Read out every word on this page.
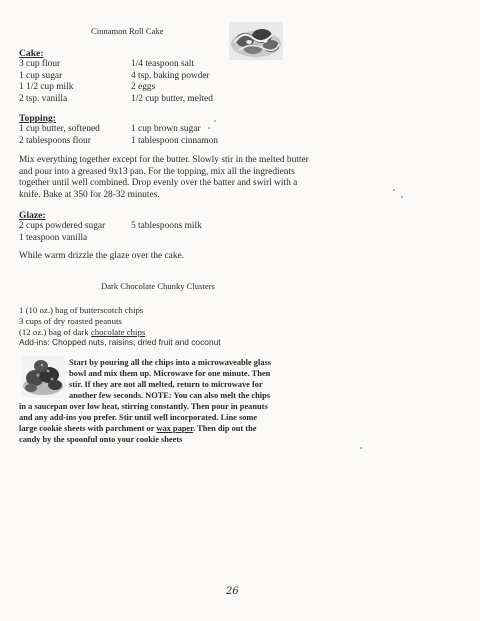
Cinnamon Roll Cake
Cake:
3 cup flour
1 cup sugar
1 1/2 cup milk
2 tsp. vanilla
1/4 teaspoon salt
4 tsp. baking powder
2 eggs
1/2 cup butter, melted
Topping:
1 cup butter, softened
2 tablespoons flour
1 cup brown sugar
1 tablespoon cinnamon
Mix everything together except for the butter. Slowly stir in the melted butter and pour into a greased 9x13 pan. For the topping, mix all the ingredients together until well combined. Drop evenly over the batter and swirl with a knife. Bake at 350 for 28-32 minutes.
Glaze:
2 cups powdered sugar
1 teaspoon vanilla
5 tablespoons milk
While warm drizzle the glaze over the cake.
Dark Chocolate Chunky Clusters
1 (10 oz.) bag of butterscotch chips
3 cups of dry roasted peanuts
(12 oz.) bag of dark chocolate chips
Add-ins: Chopped nuts, raisins, dried fruit and coconut
Start by pouring all the chips into a microwaveable glass
bowl and mix them up. Microwave for one minute. Then
stir. If they are not all melted, return to microwave for
another few seconds. NOTE: You can also melt the chips
in a saucepan over low heat, stirring constantly. Then pour in peanuts
and any add-ins you prefer. Stir until well incorporated. Line some
large cookie sheets with parchment or wax paper. Then dip out the
candy by the spoonful onto your cookie sheets
26
